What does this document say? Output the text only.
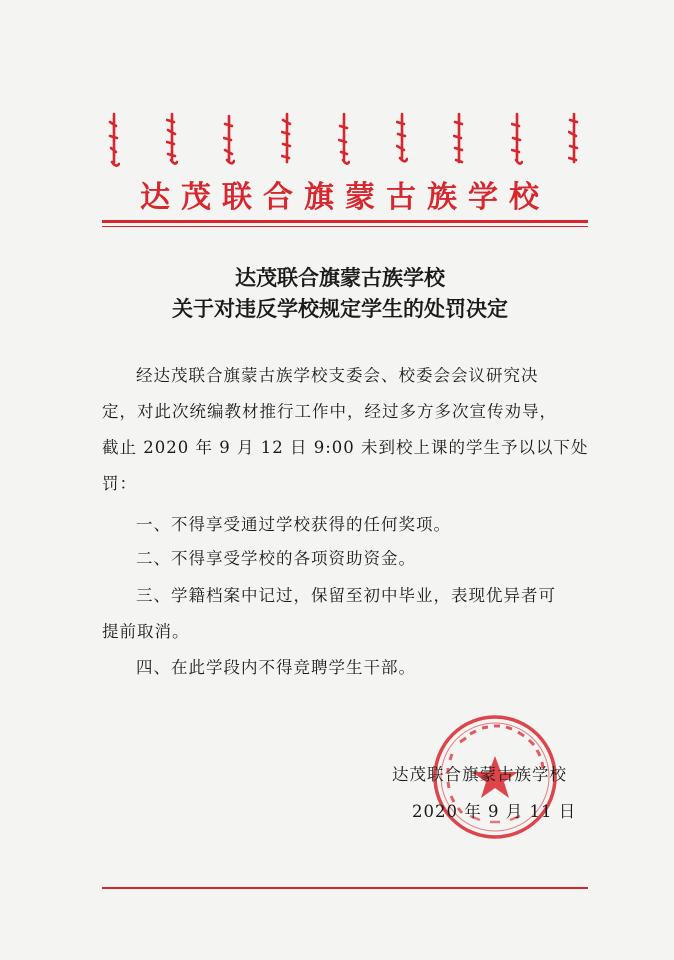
达茂联合旗蒙古族学校
达茂联合旗蒙古族学校
关于对违反学校规定学生的处罚决定
经达茂联合旗蒙古族学校支委会、校委会会议研究决
定，对此次统编教材推行工作中，经过多方多次宣传劝导，
截止 2020 年 9 月 12 日 9:00 未到校上课的学生予以以下处
罚：
一、不得享受通过学校获得的任何奖项。
二、不得享受学校的各项资助资金。
三、学籍档案中记过，保留至初中毕业，表现优异者可
提前取消。
四、在此学段内不得竞聘学生干部。
达茂联合旗蒙古族学校
2020 年 9 月 11 日
